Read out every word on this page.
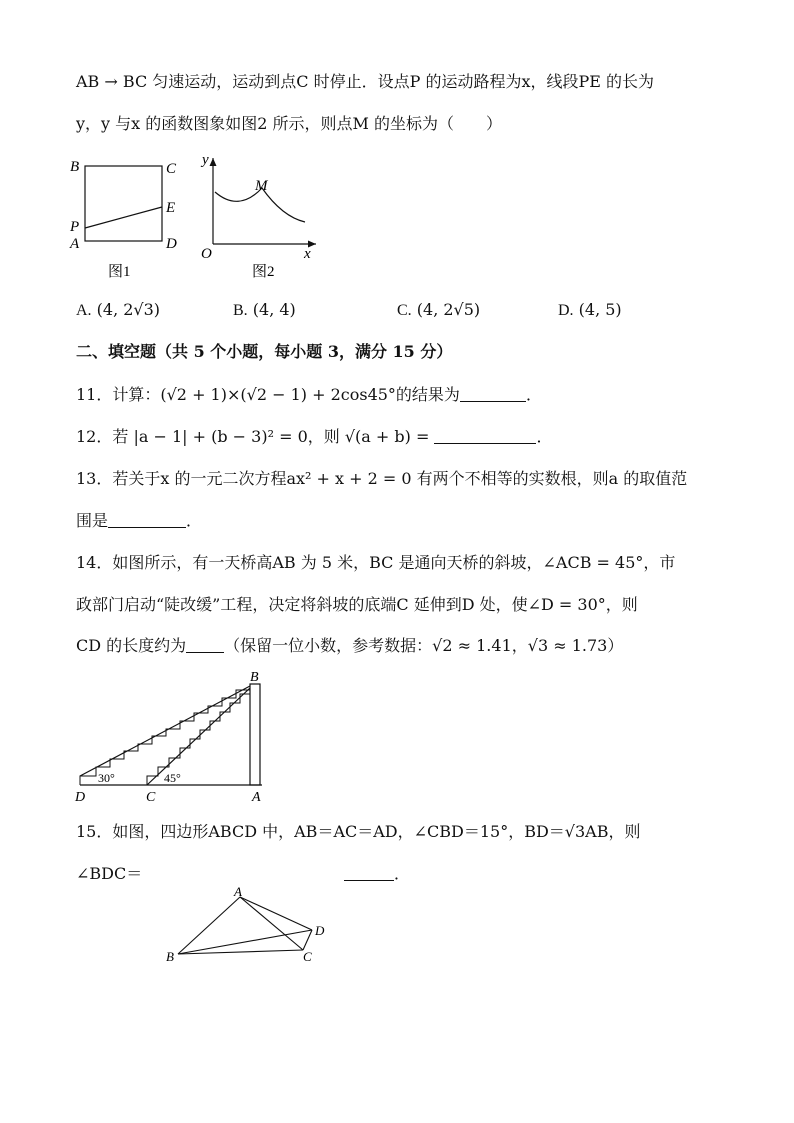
AB → BC 匀速运动，运动到点C 时停止．设点P 的运动路程为x，线段PE 的长为
y，y 与x 的函数图象如图2 所示，则点M 的坐标为（　　）
B	C
E
P
A	D
图1
y
M
O	x
图2
A. (4, 2√3)	B. (4, 4)	C. (4, 2√5)	D. (4, 5)
二、填空题（共 5 个小题，每小题 3，满分 15 分）
11．计算：(√2 + 1)×(√2 − 1) + 2cos45°的结果为	．
12．若 |a − 1| + (b − 3)² = 0，则 √(a + b) =	．
13．若关于x 的一元二次方程ax² + x + 2 = 0 有两个不相等的实数根，则a 的取值范
围是	．
14．如图所示，有一天桥高AB 为 5 米，BC 是通向天桥的斜坡，∠ACB = 45°，市
政部门启动“陡改缓”工程，决定将斜坡的底端C 延伸到D 处，使∠D = 30°，则
CD 的长度约为 （保留一位小数，参考数据：√2 ≈ 1.41，√3 ≈ 1.73）
B
D	C	A
30°	45°
15．如图，四边形ABCD 中，AB＝AC＝AD，∠CBD＝15°，BD＝√3AB，则
∠BDC＝	．
A
D
B	C
